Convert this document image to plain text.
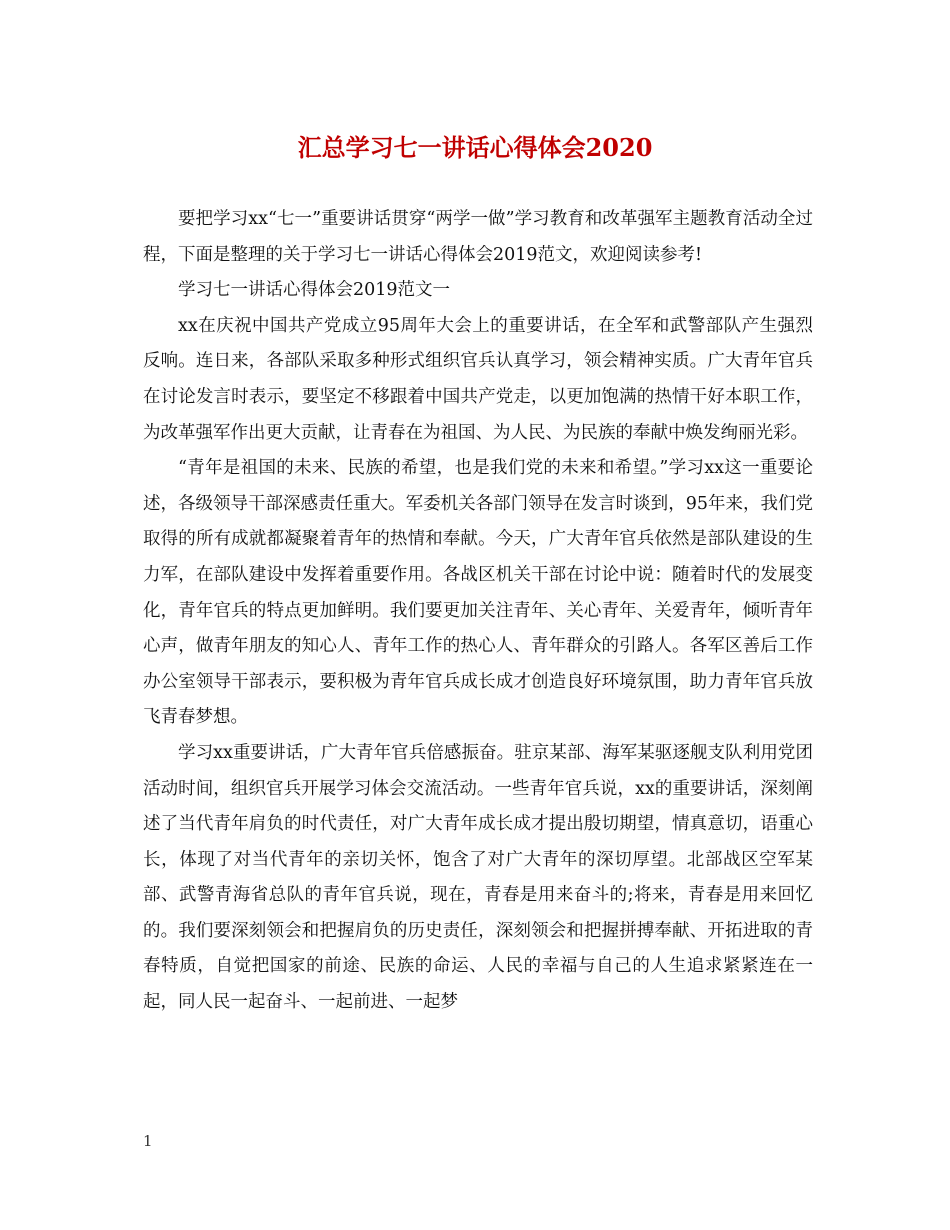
汇总学习七一讲话心得体会2020

要把学习xx“七一”重要讲话贯穿“两学一做”学习教育和改革强军主题教育活动全过程，下面是整理的关于学习七一讲话心得体会2019范文，欢迎阅读参考!

学习七一讲话心得体会2019范文一

xx在庆祝中国共产党成立95周年大会上的重要讲话，在全军和武警部队产生强烈反响。连日来，各部队采取多种形式组织官兵认真学习，领会精神实质。广大青年官兵在讨论发言时表示，要坚定不移跟着中国共产党走，以更加饱满的热情干好本职工作，为改革强军作出更大贡献，让青春在为祖国、为人民、为民族的奉献中焕发绚丽光彩。

“青年是祖国的未来、民族的希望，也是我们党的未来和希望。”学习xx这一重要论述，各级领导干部深感责任重大。军委机关各部门领导在发言时谈到，95年来，我们党取得的所有成就都凝聚着青年的热情和奉献。今天，广大青年官兵依然是部队建设的生力军，在部队建设中发挥着重要作用。各战区机关干部在讨论中说：随着时代的发展变化，青年官兵的特点更加鲜明。我们要更加关注青年、关心青年、关爱青年，倾听青年心声，做青年朋友的知心人、青年工作的热心人、青年群众的引路人。各军区善后工作办公室领导干部表示，要积极为青年官兵成长成才创造良好环境氛围，助力青年官兵放飞青春梦想。

学习xx重要讲话，广大青年官兵倍感振奋。驻京某部、海军某驱逐舰支队利用党团活动时间，组织官兵开展学习体会交流活动。一些青年官兵说，xx的重要讲话，深刻阐述了当代青年肩负的时代责任，对广大青年成长成才提出殷切期望，情真意切，语重心长，体现了对当代青年的亲切关怀，饱含了对广大青年的深切厚望。北部战区空军某部、武警青海省总队的青年官兵说，现在，青春是用来奋斗的;将来，青春是用来回忆的。我们要深刻领会和把握肩负的历史责任，深刻领会和把握拼搏奉献、开拓进取的青春特质，自觉把国家的前途、民族的命运、人民的幸福与自己的人生追求紧紧连在一起，同人民一起奋斗、一起前进、一起梦

1
